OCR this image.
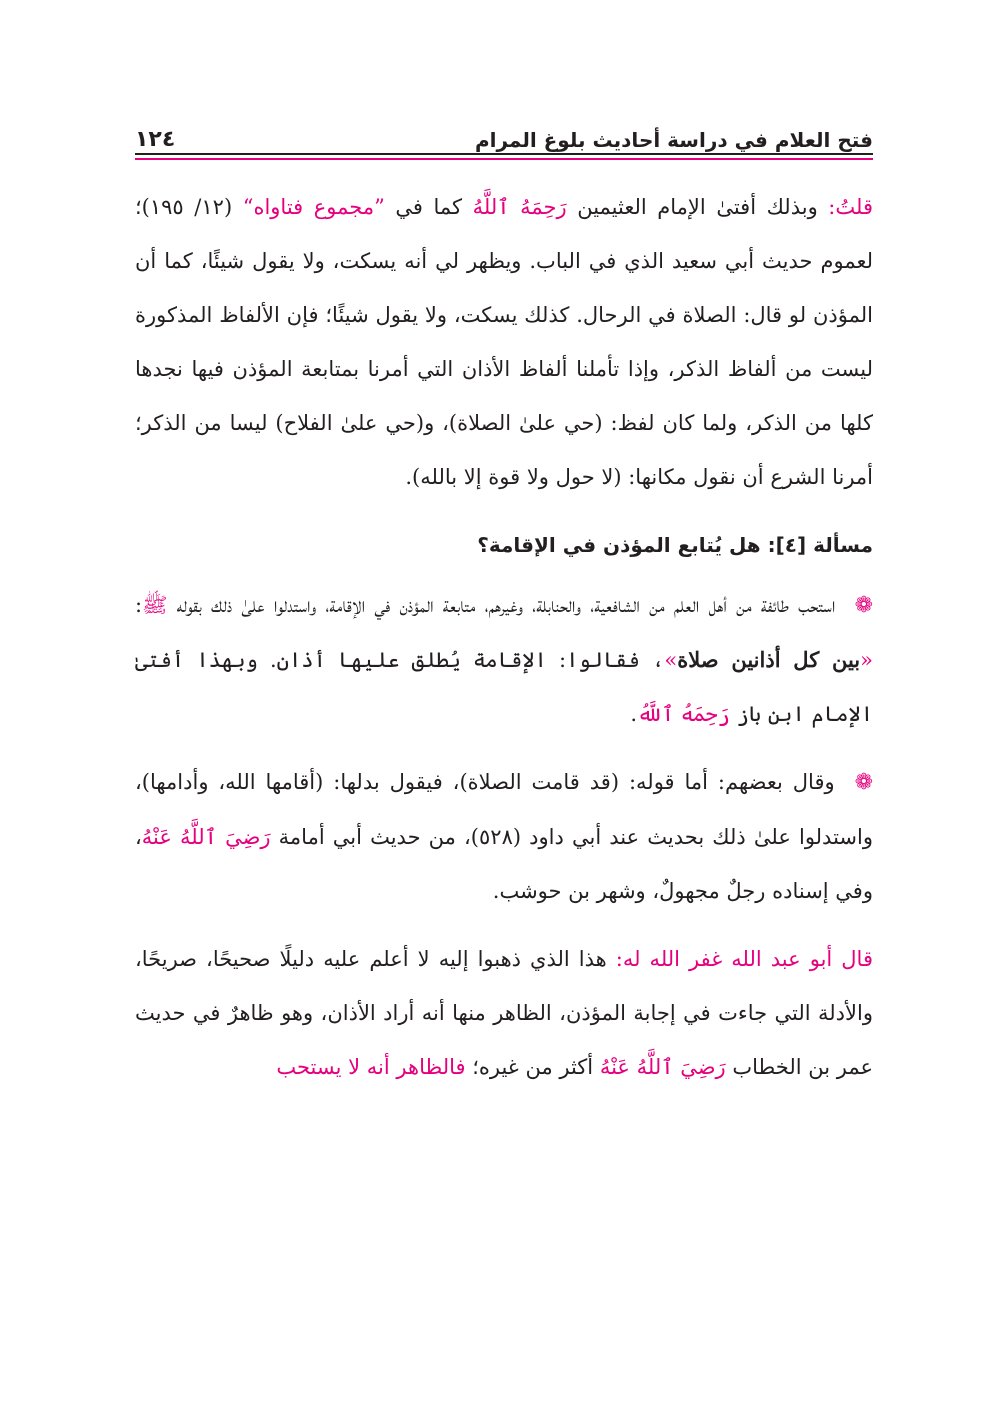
١٢٤	فتح العلام في دراسة أحاديث بلوغ المرام

قلتُ: وبذلك أفتىٰ الإمام العثيمين رَحِمَهُ ٱللَّهُ كما في ”مجموع فتاواه“ (١٢/ ١٩٥)؛ لعموم حديث أبي سعيد الذي في الباب. ويظهر لي أنه يسكت، ولا يقول شيئًا، كما أن المؤذن لو قال: الصلاة في الرحال. كذلك يسكت، ولا يقول شيئًا؛ فإن الألفاظ المذكورة ليست من ألفاظ الذكر، وإذا تأملنا ألفاظ الأذان التي أمرنا بمتابعة المؤذن فيها نجدها كلها من الذكر، ولما كان لفظ: (حي علىٰ الصلاة)، و(حي علىٰ الفلاح) ليسا من الذكر؛ أمرنا الشرع أن نقول مكانها: (لا حول ولا قوة إلا بالله).

مسألة [٤]: هل يُتابع المؤذن في الإقامة؟

❁ استحب طائفة من أهل العلم من الشافعية، والحنابلة، وغيرهم، متابعة المؤذن في الإقامة، واستدلوا علىٰ ذلك بقوله ﷺ: «بين كل أذانين صلاة»، فقالوا: الإقامة يُطلق عليها أذان. وبهذا أفتىٰ الإمام ابن باز رَحِمَهُ ٱللَّهُ.

❁ وقال بعضهم: أما قوله: (قد قامت الصلاة)، فيقول بدلها: (أقامها الله، وأدامها)، واستدلوا علىٰ ذلك بحديث عند أبي داود (٥٢٨)، من حديث أبي أمامة رَضِيَ ٱللَّهُ عَنْهُ، وفي إسناده رجلٌ مجهولٌ، وشهر بن حوشب.

قال أبو عبد الله غفر الله له: هذا الذي ذهبوا إليه لا أعلم عليه دليلًا صحيحًا، صريحًا، والأدلة التي جاءت في إجابة المؤذن، الظاهر منها أنه أراد الأذان، وهو ظاهرٌ في حديث عمر بن الخطاب رَضِيَ ٱللَّهُ عَنْهُ أكثر من غيره؛ فالظاهر أنه لا يستحب
